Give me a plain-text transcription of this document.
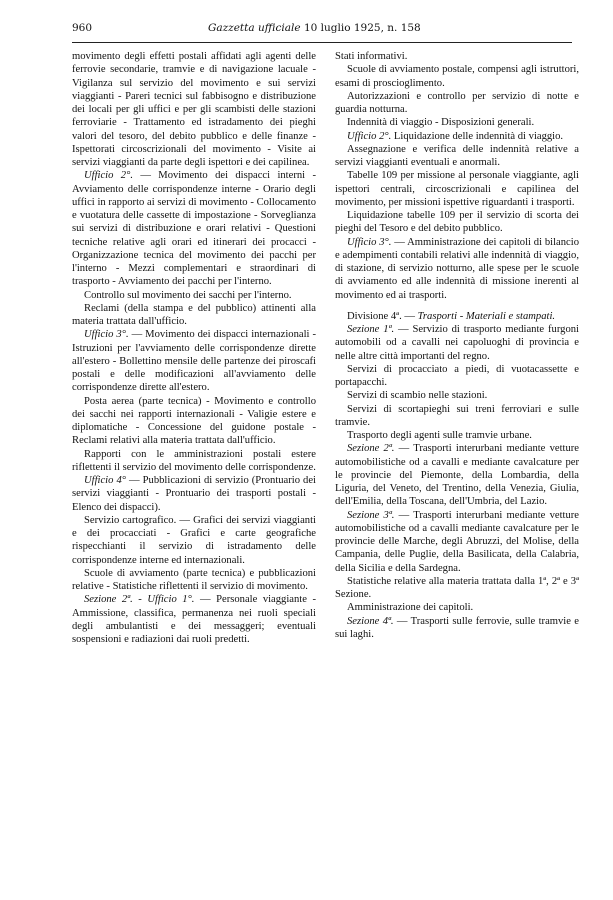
960	Gazzetta ufficiale 10 luglio 1925, n. 158

movimento degli effetti postali affidati agli agenti delle ferrovie secondarie, tramvie e di navigazione lacuale - Vigilanza sul servizio del movimento e sui servizi viaggianti - Pareri tecnici sul fabbisogno e distribuzione dei locali per gli uffici e per gli scambisti delle stazioni ferroviarie - Trattamento ed istradamento dei pieghi valori del tesoro, del debito pubblico e delle finanze - Ispettorati circoscrizionali del movimento - Visite ai servizi viaggianti da parte degli ispettori e dei capilinea.

Ufficio 2°. — Movimento dei dispacci interni - Avviamento delle corrispondenze interne - Orario degli uffici in rapporto ai servizi di movimento - Collocamento e vuotatura delle cassette di impostazione - Sorveglianza sui servizi di distribuzione e orari relativi - Questioni tecniche relative agli orari ed itinerari dei procacci - Organizzazione tecnica del movimento dei pacchi per l'interno - Mezzi complementari e straordinari di trasporto - Avviamento dei pacchi per l'interno.

Controllo sul movimento dei sacchi per l'interno.

Reclami (della stampa e del pubblico) attinenti alla materia trattata dall'ufficio.

Ufficio 3°. — Movimento dei dispacci internazionali - Istruzioni per l'avviamento delle corrispondenze dirette all'estero - Bollettino mensile delle partenze dei piroscafi postali e delle modificazioni all'avviamento delle corrispondenze dirette all'estero.

Posta aerea (parte tecnica) - Movimento e controllo dei sacchi nei rapporti internazionali - Valigie estere e diplomatiche - Concessione del guidone postale - Reclami relativi alla materia trattata dall'ufficio.

Rapporti con le amministrazioni postali estere riflettenti il servizio del movimento delle corrispondenze.

Ufficio 4° — Pubblicazioni di servizio (Prontuario dei servizi viaggianti - Prontuario dei trasporti postali - Elenco dei dispacci).

Servizio cartografico. — Grafici dei servizi viaggianti e dei procacciati - Grafici e carte geografiche rispecchianti il servizio di istradamento delle corrispondenze interne ed internazionali.

Scuole di avviamento (parte tecnica) e pubblicazioni relative - Statistiche riflettenti il servizio di movimento.

Sezione 2ª. - Ufficio 1°. — Personale viaggiante - Ammissione, classifica, permanenza nei ruoli speciali degli ambulantisti e dei messaggeri; eventuali sospensioni e radiazioni dai ruoli predetti.

Stati informativi.

Scuole di avviamento postale, compensi agli istruttori, esami di proscioglimento.

Autorizzazioni e controllo per servizio di notte e guardia notturna.

Indennità di viaggio - Disposizioni generali.

Ufficio 2°. Liquidazione delle indennità di viaggio.

Assegnazione e verifica delle indennità relative a servizi viaggianti eventuali e anormali.

Tabelle 109 per missione al personale viaggiante, agli ispettori centrali, circoscrizionali e capilinea del movimento, per missioni ispettive riguardanti i trasporti.

Liquidazione tabelle 109 per il servizio di scorta dei pieghi del Tesoro e del debito pubblico.

Ufficio 3°. — Amministrazione dei capitoli di bilancio e adempimenti contabili relativi alle indennità di viaggio, di stazione, di servizio notturno, alle spese per le scuole di avviamento ed alle indennità di missione inerenti al movimento ed ai trasporti.

Divisione 4ª. — Trasporti - Materiali e stampati.

Sezione 1ª. — Servizio di trasporto mediante furgoni automobili od a cavalli nei capoluoghi di provincia e nelle altre città importanti del regno.

Servizi di procacciato a piedi, di vuotacassette e portapacchi.

Servizi di scambio nelle stazioni.

Servizi di scortapieghi sui treni ferroviari e sulle tramvie.

Trasporto degli agenti sulle tramvie urbane.

Sezione 2ª. — Trasporti interurbani mediante vetture automobilistiche od a cavalli e mediante cavalcature per le provincie del Piemonte, della Lombardia, della Liguria, del Veneto, del Trentino, della Venezia, Giulia, dell'Emilia, della Toscana, dell'Umbria, del Lazio.

Sezione 3ª. — Trasporti interurbani mediante vetture automobilistiche od a cavalli mediante cavalcature per le provincie delle Marche, degli Abruzzi, del Molise, della Campania, delle Puglie, della Basilicata, della Calabria, della Sicilia e della Sardegna.

Statistiche relative alla materia trattata dalla 1ª, 2ª e 3ª Sezione.

Amministrazione dei capitoli.

Sezione 4ª. — Trasporti sulle ferrovie, sulle tramvie e sui laghi.
